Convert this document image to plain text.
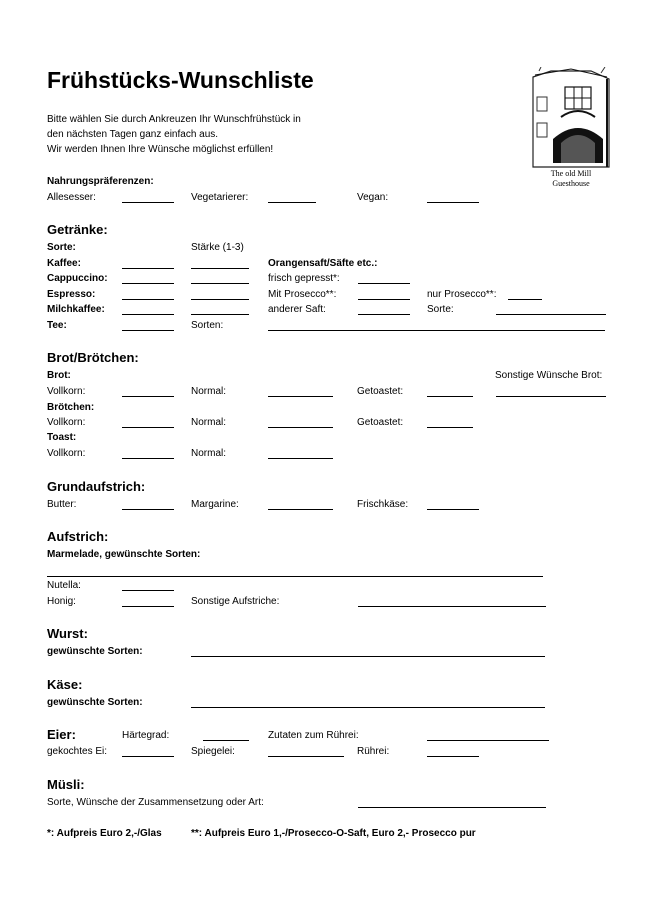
Frühstücks-Wunschliste
Bitte wählen Sie durch Ankreuzen Ihr Wunschfrühstück in
den nächsten Tagen ganz einfach aus.
Wir werden Ihnen Ihre Wünsche möglichst erfüllen!
The old Mill
Guesthouse
Nahrungspräferenzen:
Allesesser:	Vegetarierer:	Vegan:
Getränke:
Sorte:	Stärke (1-3)
Kaffee:	Orangensaft/Säfte etc.:
Cappuccino:	frisch gepresst*:
Espresso:	Mit Prosecco**:	nur Prosecco**:
Milchkaffee:	anderer Saft:	Sorte:
Tee:	Sorten:
Brot/Brötchen:
Brot:	Sonstige Wünsche Brot:
Vollkorn:	Normal:	Getoastet:
Brötchen:
Vollkorn:	Normal:	Getoastet:
Toast:
Vollkorn:	Normal:
Grundaufstrich:
Butter:	Margarine:	Frischkäse:
Aufstrich:
Marmelade, gewünschte Sorten:
Nutella:
Honig:	Sonstige Aufstriche:
Wurst:
gewünschte Sorten:
Käse:
gewünschte Sorten:
Eier:	Härtegrad:	Zutaten zum Rührei:
gekochtes Ei:	Spiegelei:	Rührei:
Müsli:
Sorte, Wünsche der Zusammensetzung oder Art:
*: Aufpreis Euro 2,-/Glas	**: Aufpreis Euro 1,-/Prosecco-O-Saft, Euro 2,- Prosecco pur
